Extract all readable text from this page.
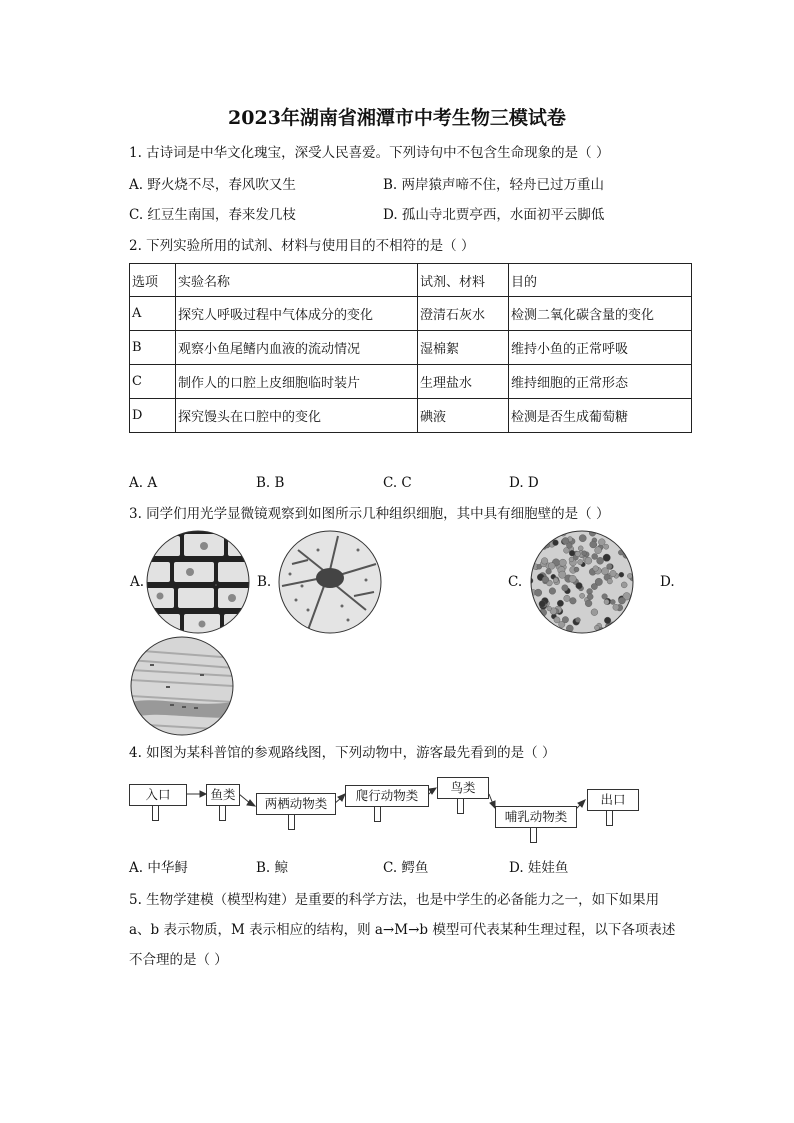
2023年湖南省湘潭市中考生物三模试卷
1. 古诗词是中华文化瑰宝，深受人民喜爱。下列诗句中不包含生命现象的是（ ）
A. 野火烧不尽，春风吹又生	B. 两岸猿声啼不住，轻舟已过万重山
C. 红豆生南国，春来发几枝	D. 孤山寺北贾亭西，水面初平云脚低
2. 下列实验所用的试剂、材料与使用目的不相符的是（ ）
选项	实验名称	试剂、材料	目的
A	探究人呼吸过程中气体成分的变化	澄清石灰水	检测二氧化碳含量的变化
B	观察小鱼尾鳍内血液的流动情况	湿棉絮	维持小鱼的正常呼吸
C	制作人的口腔上皮细胞临时装片	生理盐水	维持细胞的正常形态
D	探究馒头在口腔中的变化	碘液	检测是否生成葡萄糖
A. A	B. B	C. C	D. D
3. 同学们用光学显微镜观察到如图所示几种组织细胞，其中具有细胞壁的是（ ）
A.	B.	C.	D.
4. 如图为某科普馆的参观路线图，下列动物中，游客最先看到的是（ ）
入口	鱼类
两栖动物类
爬行动物类
鸟类
哺乳动物类
出口
A. 中华鲟	B. 鲸	C. 鳄鱼	D. 娃娃鱼
5. 生物学建模（模型构建）是重要的科学方法，也是中学生的必备能力之一，如下如果用
a、b 表示物质，M 表示相应的结构，则 a→M→b 模型可代表某种生理过程，以下各项表述
不合理的是（ ）
